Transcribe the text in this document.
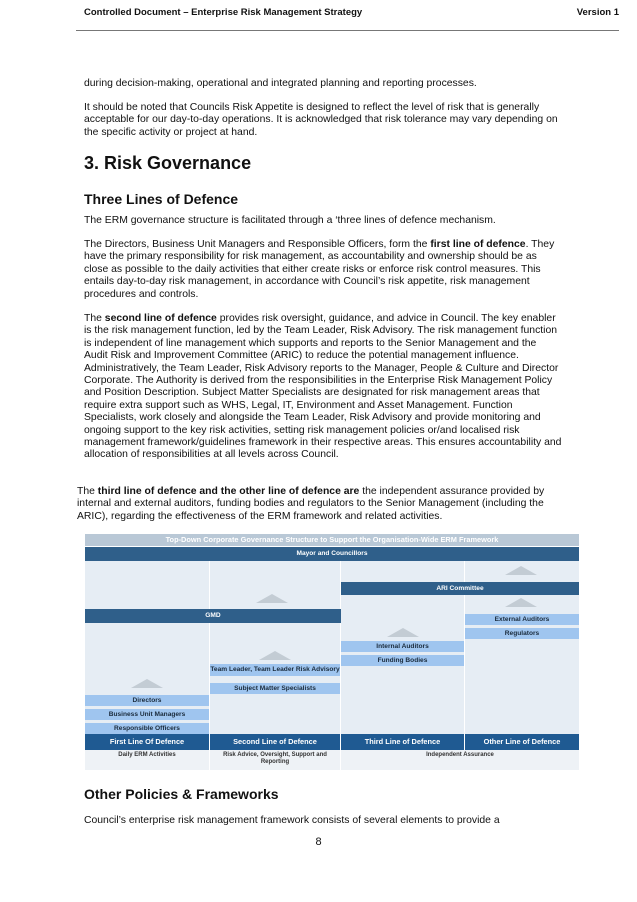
Controlled Document – Enterprise Risk Management Strategy	Version 1
during decision-making, operational and integrated planning and reporting processes.
It should be noted that Councils Risk Appetite is designed to reflect the level of risk that is generally acceptable for our day-to-day operations. It is acknowledged that risk tolerance may vary depending on the specific activity or project at hand.
3. Risk Governance
Three Lines of Defence
The ERM governance structure is facilitated through a ‘three lines of defence mechanism.
The Directors, Business Unit Managers and Responsible Officers, form the first line of defence. They have the primary responsibility for risk management, as accountability and ownership should be as close as possible to the daily activities that either create risks or enforce risk control measures. This entails day-to-day risk management, in accordance with Council’s risk appetite, risk management procedures and controls.
The second line of defence provides risk oversight, guidance, and advice in Council. The key enabler is the risk management function, led by the Team Leader, Risk Advisory. The risk management function is independent of line management which supports and reports to the Senior Management and the Audit Risk and Improvement Committee (ARIC) to reduce the potential management influence. Administratively, the Team Leader, Risk Advisory reports to the Manager, People & Culture and Director Corporate. The Authority is derived from the responsibilities in the Enterprise Risk Management Policy and Position Description. Subject Matter Specialists are designated for risk management areas that require extra support such as WHS, Legal, IT, Environment and Asset Management. Function Specialists, work closely and alongside the Team Leader, Risk Advisory and provide monitoring and ongoing support to the key risk activities, setting risk management policies or/and localised risk management framework/guidelines framework in their respective areas. This ensures accountability and allocation of responsibilities at all levels across Council.
The third line of defence and the other line of defence are the independent assurance provided by internal and external auditors, funding bodies and regulators to the Senior Management (including the ARIC), regarding the effectiveness of the ERM framework and related activities.
Top-Down Corporate Governance Structure to Support the Organisation-Wide ERM Framework
Mayor and Councillors
ARI Committee
GMD
External Auditors
Regulators
Internal Auditors
Funding Bodies
Team Leader, Team Leader Risk Advisory
Subject Matter Specialists
Directors
Business Unit Managers
Responsible Officers
First Line Of Defence	Second Line of Defence	Third Line of Defence	Other Line of Defence
Daily ERM Activities	Risk Advice, Oversight, Support and Reporting
Independent Assurance
Other Policies & Frameworks
Council’s enterprise risk management framework consists of several elements to provide a
8
